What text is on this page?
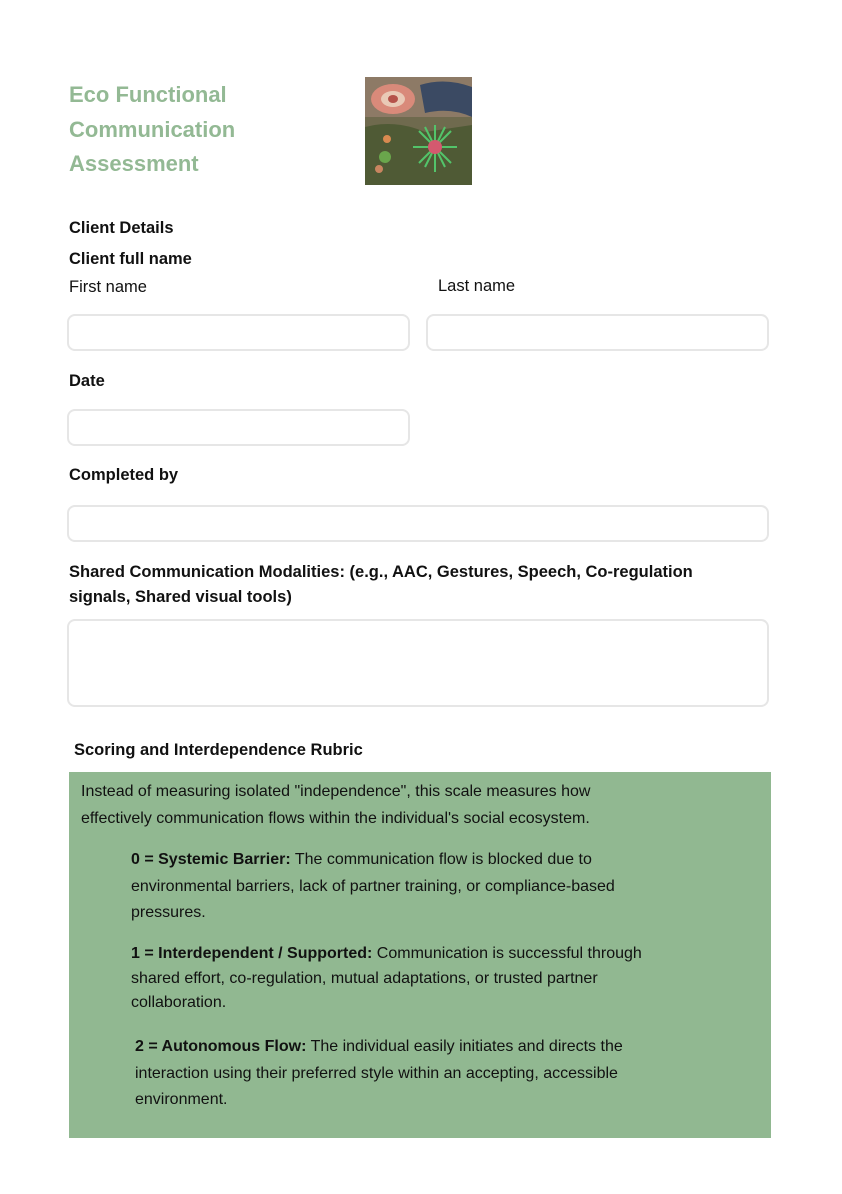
Eco Functional
Communication
Assessment
Client Details
Client full name
First name	Last name
Date
Completed by
Shared Communication Modalities: (e.g., AAC, Gestures, Speech, Co-regulation
signals, Shared visual tools)
Scoring and Interdependence Rubric

Instead of measuring isolated "independence", this scale measures how
effectively communication flows within the individual's social ecosystem.

0 = Systemic Barrier: The communication flow is blocked due to
environmental barriers, lack of partner training, or compliance-based
pressures.

1 = Interdependent / Supported: Communication is successful through
shared effort, co-regulation, mutual adaptations, or trusted partner
collaboration.

2 = Autonomous Flow: The individual easily initiates and directs the
interaction using their preferred style within an accepting, accessible
environment.
